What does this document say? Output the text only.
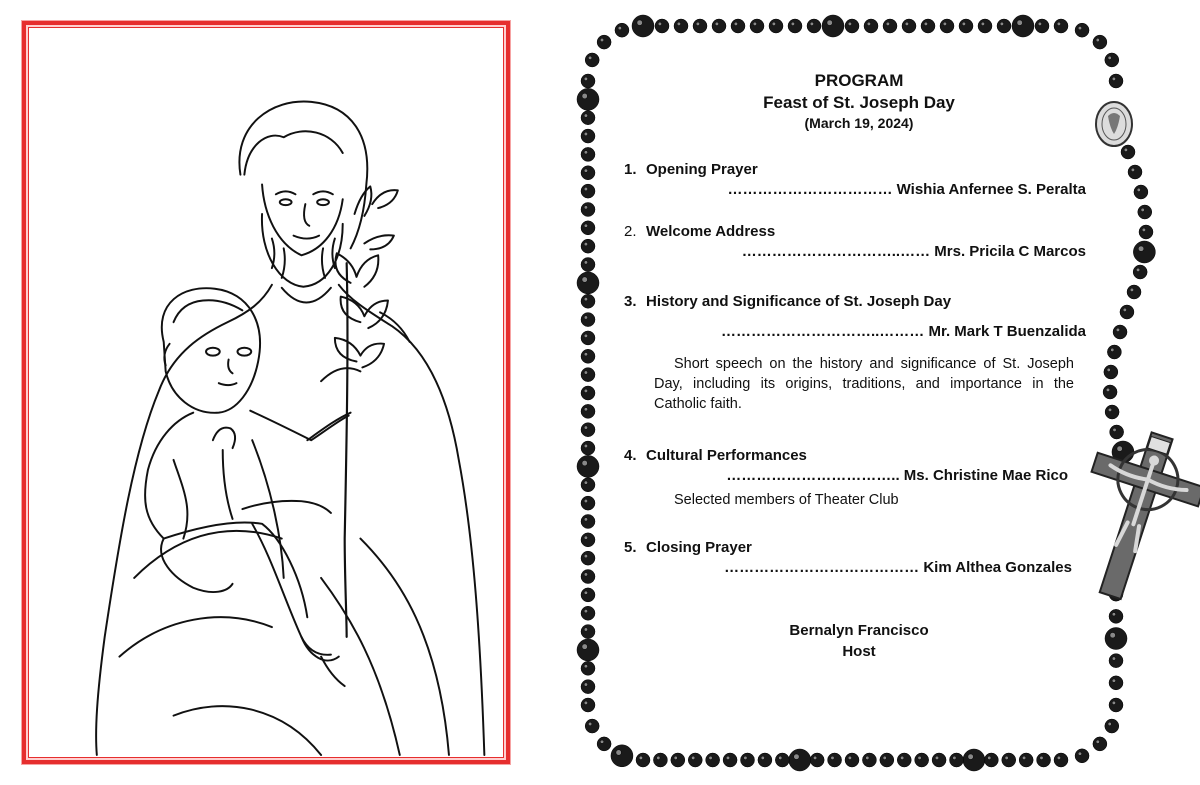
PROGRAM
Feast of St. Joseph Day
(March 19, 2024)
1. Opening Prayer
…………………………… Wishia Anfernee S. Peralta
2. Welcome Address
…………………………..…… Mrs. Pricila C Marcos
3. History and Significance of St. Joseph Day
…………………………..……… Mr. Mark T Buenzalida
Short speech on the history and significance of St. Joseph Day, including its origins, traditions, and importance in the Catholic faith.
4. Cultural Performances
…………………………….. Ms. Christine Mae Rico
Selected members of Theater Club
5. Closing Prayer
………………………………… Kim Althea Gonzales
Bernalyn Francisco
Host
